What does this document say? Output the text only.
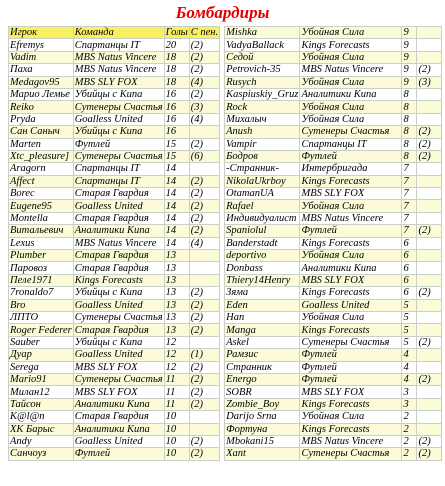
Бомбардиры
Игрок	Команда	Голы	С пен.
Efremys	Спартанцы IT	20	(2)
Vadim	MBS Natus Vincere	18	(2)
Паха	MBS Natus Vincere	18	(2)
Medagov95	MBS SLY FOX	18	(4)
Марио Лемье	Убийцы с Кипа	16	(2)
Reiko	Сутенеры Счастья	16	(3)
Pryda	Goalless United	16	(4)
Сан Саныч	Убийцы с Кипа	16	
Marten	Футлей	15	(2)
Xtc_pleasure]	Сутенеры Счастья	15	(6)
Aragorn	Спартанцы IT	14	
Affect	Спартанцы IT	14	(2)
Borec	Старая Гвардия	14	(2)
Eugene95	Goalless United	14	(2)
Montella	Старая Гвардия	14	(2)
Витальевич	Аналитики Кипа	14	(2)
Lexus	MBS Natus Vincere	14	(4)
Plumber	Старая Гвардия	13	
Паровоз	Старая Гвардия	13	
Пеле1971	Kings Forecasts	13	
7ronaldo7	Убийцы с Кипа	13	(2)
Bro	Goalless United	13	(2)
ЛПТО	Сутенеры Счастья	13	(2)
Roger Federer	Старая Гвардия	13	(2)
Sauber	Убийцы с Кипа	12	
Дуар	Goalless United	12	(1)
Serega	MBS SLY FOX	12	(2)
Mario91	Сутенеры Счастья	11	(2)
Милан12	MBS SLY FOX	11	(2)
Тайсон	Аналитики Кипа	11	(2)
K@l@n	Старая Гвардия	10	
ХК Барыс	Аналитики Кипа	10	
Andy	Goalless United	10	(2)
Санчоуз	Футлей	10	(2)
Mishka	Убойная Сила	9	
VadyaBallack	Kings Forecasts	9	
Седой	Убойная Сила	9	
Petrovich-35	MBS Natus Vincere	9	(2)
Rusych	Убойная Сила	9	(3)
Kaspiuskiy_Gruz	Аналитики Кипа	8	
Rock	Убойная Сила	8	
Михалыч	Убойная Сила	8	
Anush	Сутенеры Счастья	8	(2)
Vampir	Спартанцы IT	8	(2)
Бодров	Футлей	8	(2)
-Странник-	Интербригада	7	
NikolaUkrboy	Kings Forecasts	7	
OtamanUA	MBS SLY FOX	7	
Rafael	Убойная Сила	7	
Индивидуалист	MBS Natus Vincere	7	
Spaniolul	Футлей	7	(2)
Banderstadt	Kings Forecasts	6	
deportivo	Убойная Сила	6	
Donbass	Аналитики Кипа	6	
Thiery14Henry	MBS SLY FOX	6	
Зяма	Kings Forecasts	6	(2)
Eden	Goalless United	5	
Han	Убойная Сила	5	
Manga	Kings Forecasts	5	
Askel	Сутенеры Счастья	5	(2)
Рамзис	Футлей	4	
Странник	Футлей	4	
Energo	Футлей	4	(2)
SOBR	MBS SLY FOX	3	
Zombie_Boy	Kings Forecasts	3	
Darijo Srna	Убойная Сила	2	
Фортуна	Kings Forecasts	2	
Mbokani15	MBS Natus Vincere	2	(2)
Xant	Сутенеры Счастья	2	(2)
